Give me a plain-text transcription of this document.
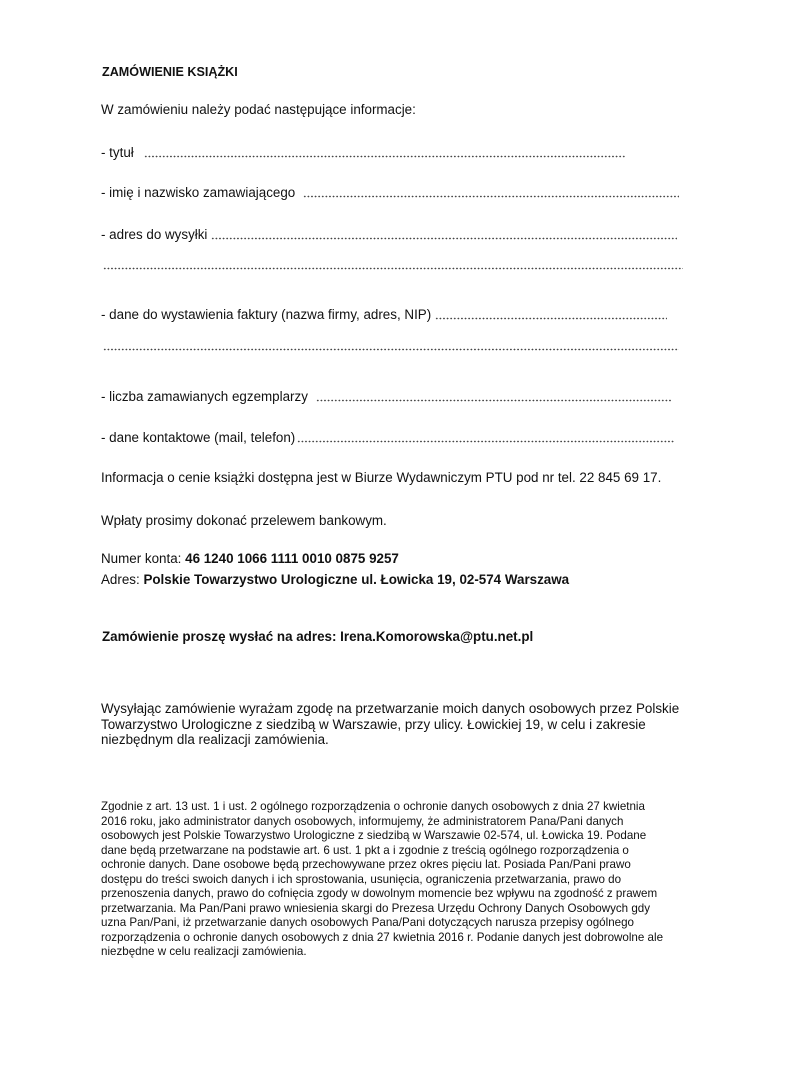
ZAMÓWIENIE KSIĄŻKI
W zamówieniu należy podać następujące informacje:
- tytuł
- imię i nazwisko zamawiającego
- adres do wysyłki
- dane do wystawienia faktury (nazwa firmy, adres, NIP)
- liczba zamawianych egzemplarzy
- dane kontaktowe (mail, telefon)
Informacja o cenie książki dostępna jest w Biurze Wydawniczym PTU pod nr tel. 22 845 69 17.
Wpłaty prosimy dokonać przelewem bankowym.
Numer konta: 46 1240 1066 1111 0010 0875 9257
Adres: Polskie Towarzystwo Urologiczne ul. Łowicka 19, 02-574 Warszawa
Zamówienie proszę wysłać na adres: Irena.Komorowska@ptu.net.pl
Wysyłając zamówienie wyrażam zgodę na przetwarzanie moich danych osobowych przez Polskie
Towarzystwo Urologiczne z siedzibą w Warszawie, przy ulicy. Łowickiej 19, w celu i zakresie
niezbędnym dla realizacji zamówienia.
Zgodnie z art. 13 ust. 1 i ust. 2 ogólnego rozporządzenia o ochronie danych osobowych z dnia 27 kwietnia
2016 roku, jako administrator danych osobowych, informujemy, że administratorem Pana/Pani danych
osobowych jest Polskie Towarzystwo Urologiczne z siedzibą w Warszawie 02-574, ul. Łowicka 19. Podane
dane będą przetwarzane na podstawie art. 6 ust. 1 pkt a i zgodnie z treścią ogólnego rozporządzenia o
ochronie danych. Dane osobowe będą przechowywane przez okres pięciu lat. Posiada Pan/Pani prawo
dostępu do treści swoich danych i ich sprostowania, usunięcia, ograniczenia przetwarzania, prawo do
przenoszenia danych, prawo do cofnięcia zgody w dowolnym momencie bez wpływu na zgodność z prawem
przetwarzania. Ma Pan/Pani prawo wniesienia skargi do Prezesa Urzędu Ochrony Danych Osobowych gdy
uzna Pan/Pani, iż przetwarzanie danych osobowych Pana/Pani dotyczących narusza przepisy ogólnego
rozporządzenia o ochronie danych osobowych z dnia 27 kwietnia 2016 r. Podanie danych jest dobrowolne ale
niezbędne w celu realizacji zamówienia.
